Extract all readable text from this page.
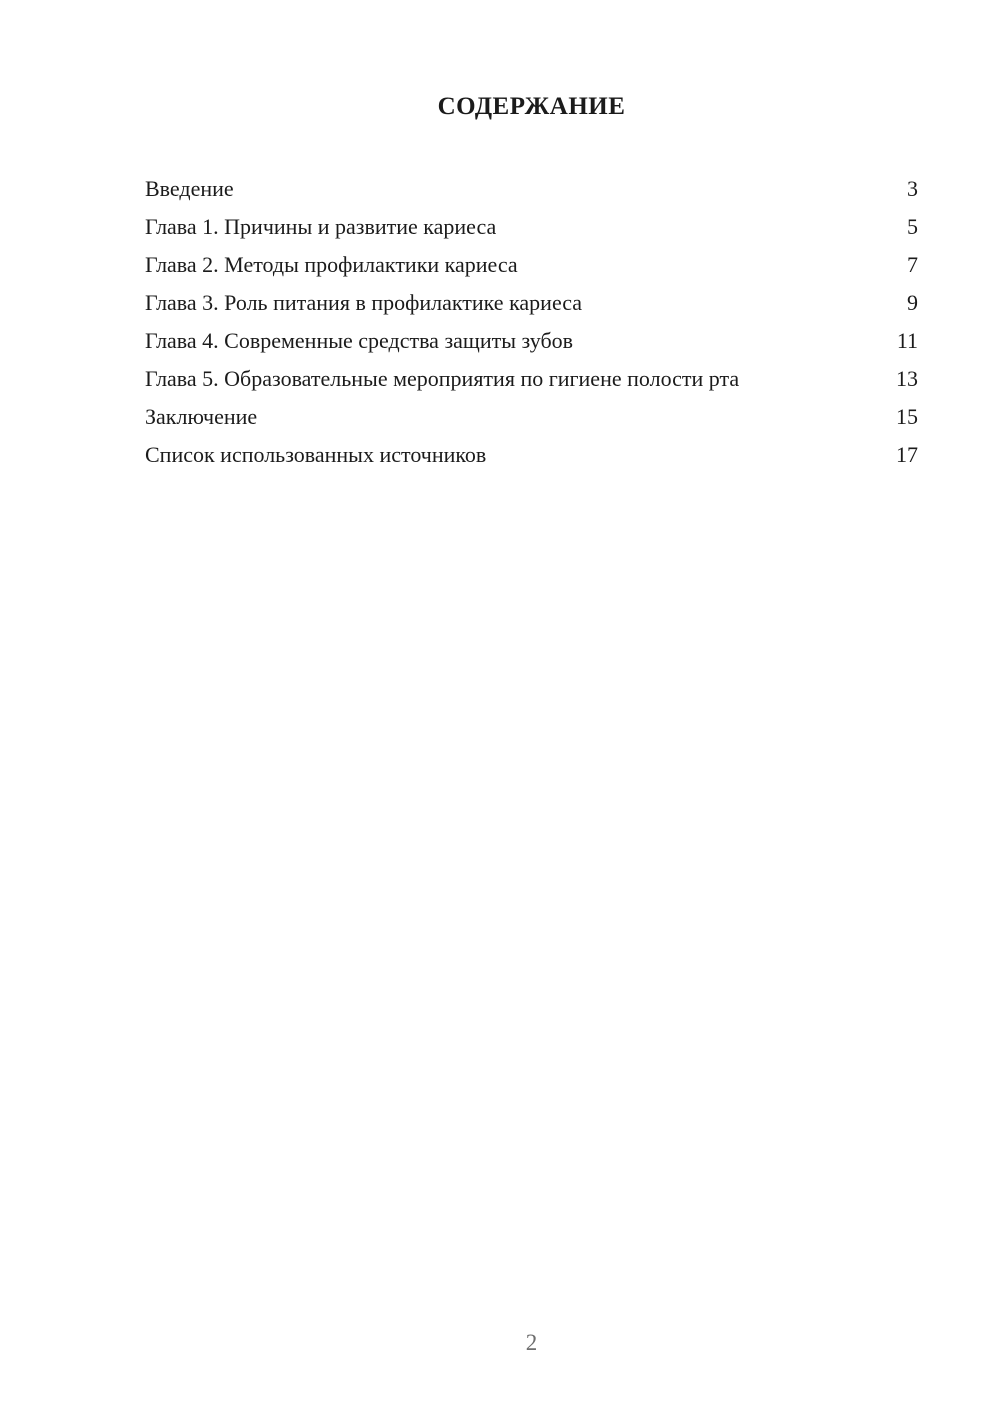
СОДЕРЖАНИЕ
Введение	3
Глава 1. Причины и развитие кариеса	5
Глава 2. Методы профилактики кариеса	7
Глава 3. Роль питания в профилактике кариеса	9
Глава 4. Современные средства защиты зубов	11
Глава 5. Образовательные мероприятия по гигиене полости рта	13
Заключение	15
Список использованных источников	17
2
